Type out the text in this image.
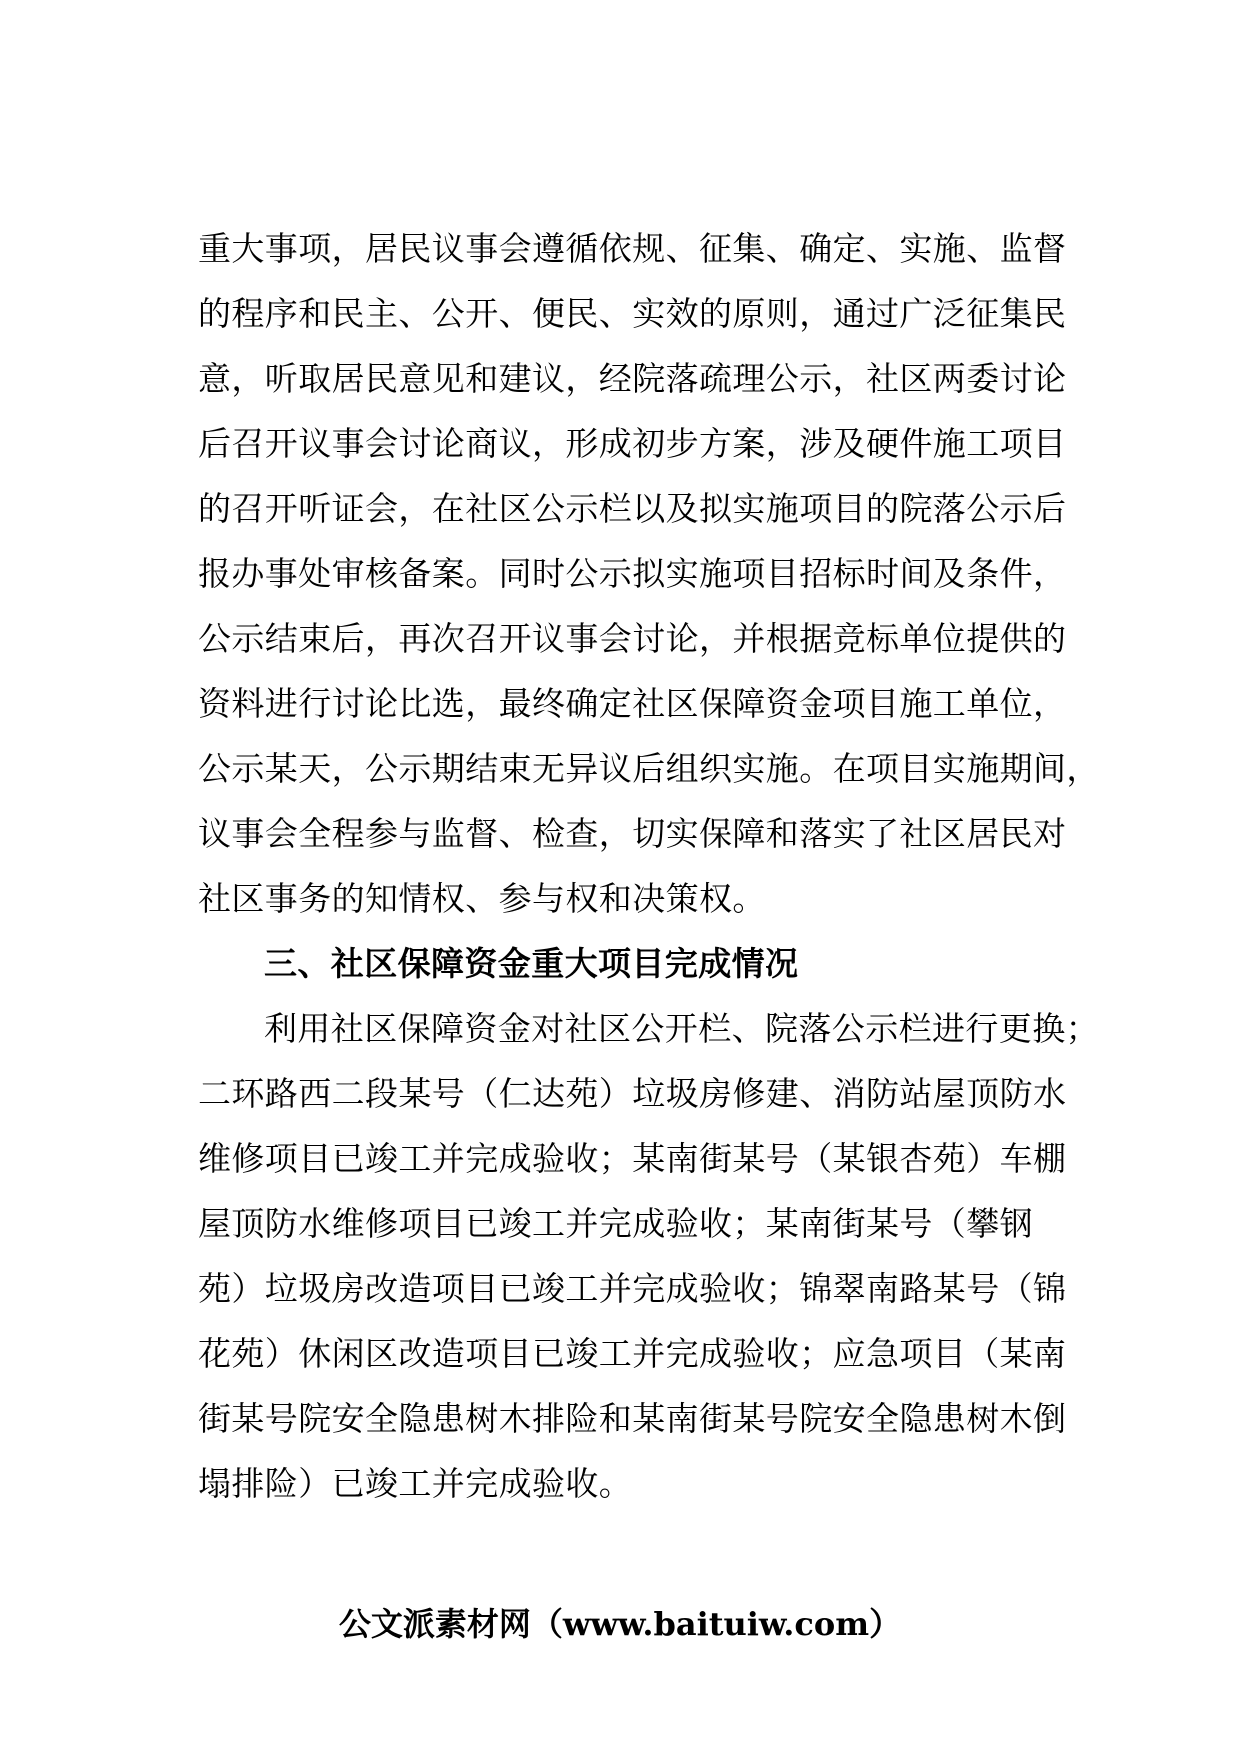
重大事项，居民议事会遵循依规、征集、确定、实施、监督
的程序和民主、公开、便民、实效的原则，通过广泛征集民
意，听取居民意见和建议，经院落疏理公示，社区两委讨论
后召开议事会讨论商议，形成初步方案，涉及硬件施工项目
的召开听证会，在社区公示栏以及拟实施项目的院落公示后
报办事处审核备案。同时公示拟实施项目招标时间及条件，
公示结束后，再次召开议事会讨论，并根据竞标单位提供的
资料进行讨论比选，最终确定社区保障资金项目施工单位，
公示某天，公示期结束无异议后组织实施。在项目实施期间，
议事会全程参与监督、检查，切实保障和落实了社区居民对
社区事务的知情权、参与权和决策权。
三、社区保障资金重大项目完成情况
利用社区保障资金对社区公开栏、院落公示栏进行更换；
二环路西二段某号（仁达苑）垃圾房修建、消防站屋顶防水
维修项目已竣工并完成验收；某南街某号（某银杏苑）车棚
屋顶防水维修项目已竣工并完成验收；某南街某号（攀钢
苑）垃圾房改造项目已竣工并完成验收；锦翠南路某号（锦
花苑）休闲区改造项目已竣工并完成验收；应急项目（某南
街某号院安全隐患树木排险和某南街某号院安全隐患树木倒
塌排险）已竣工并完成验收。
公文派素材网（www.baituiw.com）
